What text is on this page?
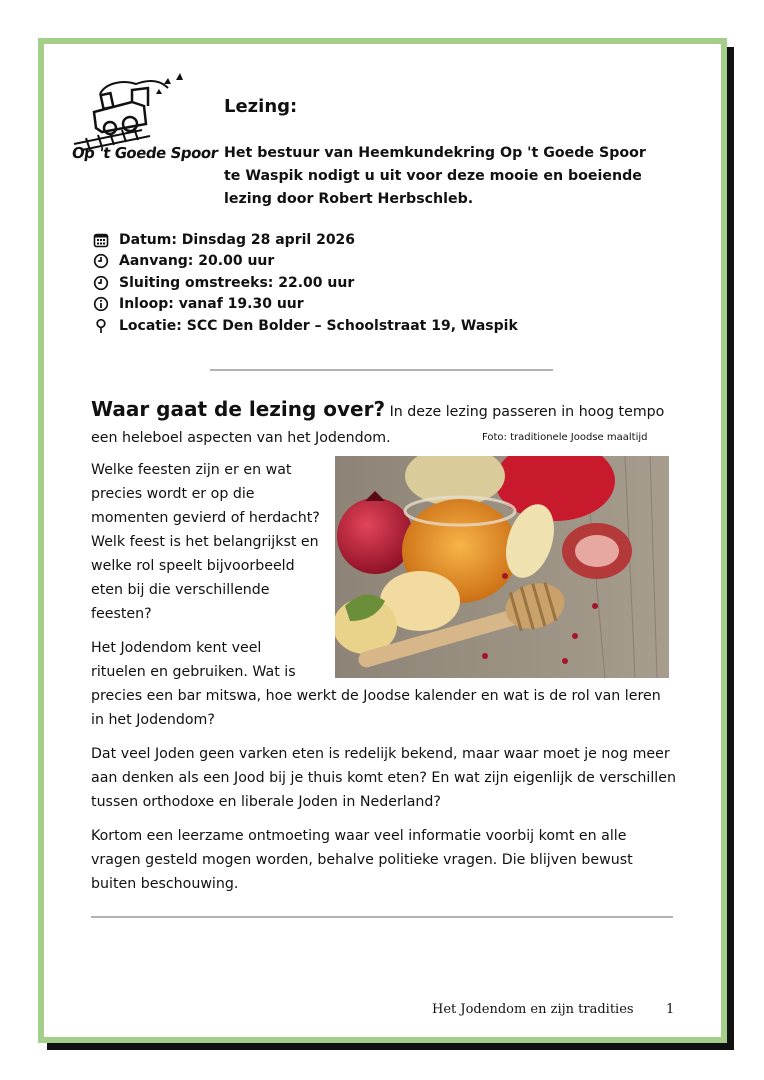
Op 't Goede Spoor
Lezing:
Het bestuur van Heemkundekring Op 't Goede Spoor te Waspik nodigt u uit voor deze mooie en boeiende lezing door Robert Herbschleb.
Datum: Dinsdag 28 april 2026
Aanvang: 20.00 uur
Sluiting omstreeks: 22.00 uur
Inloop: vanaf 19.30 uur
Locatie: SCC Den Bolder – Schoolstraat 19, Waspik
Waar gaat de lezing over? In deze lezing passeren in hoog tempo een heleboel aspecten van het Jodendom.	Foto: traditionele Joodse maaltijd

Welke feesten zijn er en wat precies wordt er op die momenten gevierd of herdacht? Welk feest is het belangrijkst en welke rol speelt bijvoorbeeld eten bij die verschillende feesten?

Het Jodendom kent veel rituelen en gebruiken. Wat is precies een bar mitswa, hoe werkt de Joodse kalender en wat is de rol van leren in het Jodendom?

Dat veel Joden geen varken eten is redelijk bekend, maar waar moet je nog meer aan denken als een Jood bij je thuis komt eten? En wat zijn eigenlijk de verschillen tussen orthodoxe en liberale Joden in Nederland?

Kortom een leerzame ontmoeting waar veel informatie voorbij komt en alle vragen gesteld mogen worden, behalve politieke vragen. Die blijven bewust buiten beschouwing.

Het Jodendom en zijn tradities 1
